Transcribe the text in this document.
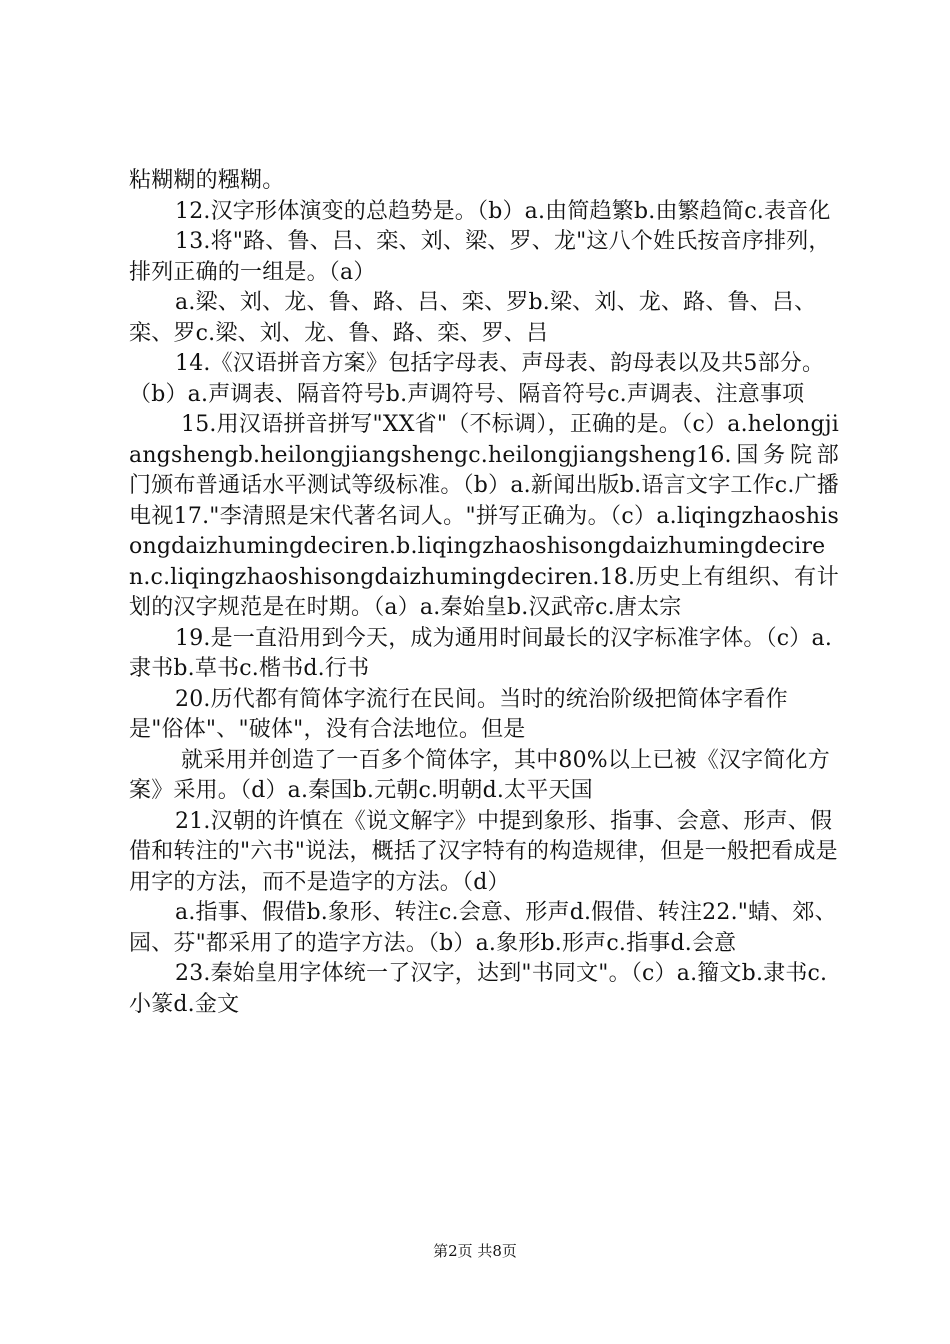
粘糊糊的糨糊。

12.汉字形体演变的总趋势是。（b）a.由简趋繁b.由繁趋简c.表音化

13.将"路、鲁、吕、栾、刘、梁、罗、龙"这八个姓氏按音序排列，排列正确的一组是。（a）

a.梁、刘、龙、鲁、路、吕、栾、罗b.梁、刘、龙、路、鲁、吕、栾、罗c.梁、刘、龙、鲁、路、栾、罗、吕

14.《汉语拼音方案》包括字母表、声母表、韵母表以及共5部分。（b）a.声调表、隔音符号b.声调符号、隔音符号c.声调表、注意事项

15.用汉语拼音拼写"XX省"（不标调），正确的是。（c）a.helongjiangshengb.heilongjiangshengc.heilongjiangsheng16.国务院部门颁布普通话水平测试等级标准。（b）a.新闻出版b.语言文字工作c.广播电视17."李清照是宋代著名词人。"拼写正确为。（c）a.liqingzhaoshisongdaizhumingdeciren.b.liqingzhaoshisongdaizhumingdeciren.c.liqingzhaoshisongdaizhumingdeciren.18.历史上有组织、有计划的汉字规范是在时期。（a）a.秦始皇b.汉武帝c.唐太宗

19.是一直沿用到今天，成为通用时间最长的汉字标准字体。（c）a.隶书b.草书c.楷书d.行书

20.历代都有简体字流行在民间。当时的统治阶级把简体字看作是"俗体"、"破体"，没有合法地位。但是

就采用并创造了一百多个简体字，其中80%以上已被《汉字简化方案》采用。（d）a.秦国b.元朝c.明朝d.太平天国

21.汉朝的许慎在《说文解字》中提到象形、指事、会意、形声、假借和转注的"六书"说法，概括了汉字特有的构造规律，但是一般把看成是用字的方法，而不是造字的方法。（d）

a.指事、假借b.象形、转注c.会意、形声d.假借、转注22."蜻、郊、园、芬"都采用了的造字方法。（b）a.象形b.形声c.指事d.会意

23.秦始皇用字体统一了汉字，达到"书同文"。（c）a.籀文b.隶书c.小篆d.金文

第2页 共8页
